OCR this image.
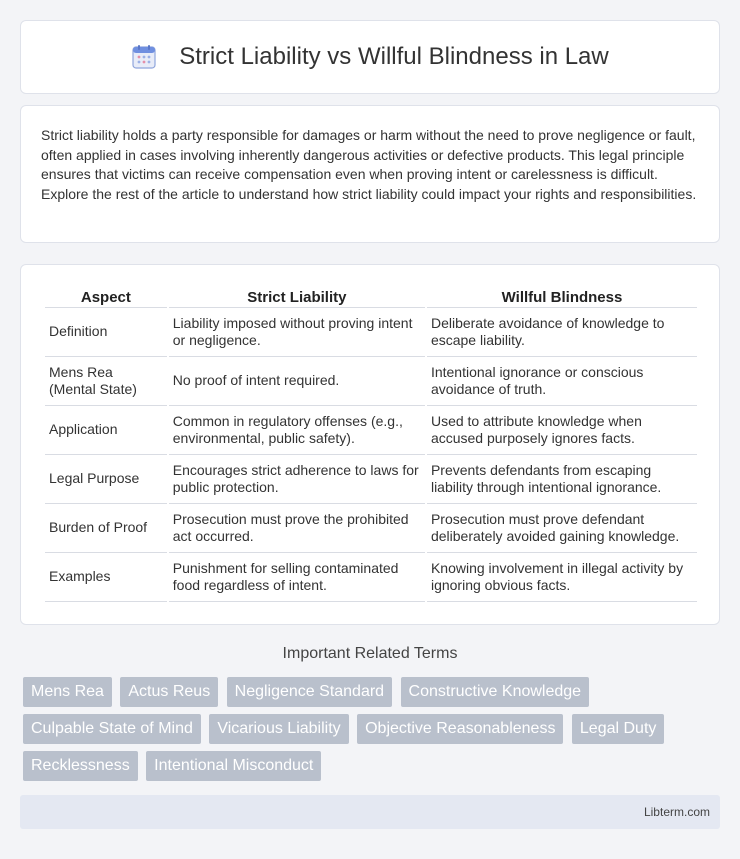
Strict Liability vs Willful Blindness in Law

Strict liability holds a party responsible for damages or harm without the need to prove negligence or fault, often applied in cases involving inherently dangerous activities or defective products. This legal principle ensures that victims can receive compensation even when proving intent or carelessness is difficult. Explore the rest of the article to understand how strict liability could impact your rights and responsibilities.

Aspect	Strict Liability	Willful Blindness
Definition	Liability imposed without proving intent or negligence.	Deliberate avoidance of knowledge to escape liability.
Mens Rea (Mental State)	No proof of intent required.	Intentional ignorance or conscious avoidance of truth.
Application	Common in regulatory offenses (e.g., environmental, public safety).	Used to attribute knowledge when accused purposely ignores facts.
Legal Purpose	Encourages strict adherence to laws for public protection.	Prevents defendants from escaping liability through intentional ignorance.
Burden of Proof	Prosecution must prove the prohibited act occurred.	Prosecution must prove defendant deliberately avoided gaining knowledge.
Examples	Punishment for selling contaminated food regardless of intent.	Knowing involvement in illegal activity by ignoring obvious facts.
Important Related Terms
Mens Rea Actus Reus Negligence Standard Constructive Knowledge Culpable State of Mind Vicarious Liability Objective Reasonableness Legal Duty Recklessness Intentional Misconduct
Libterm.com
